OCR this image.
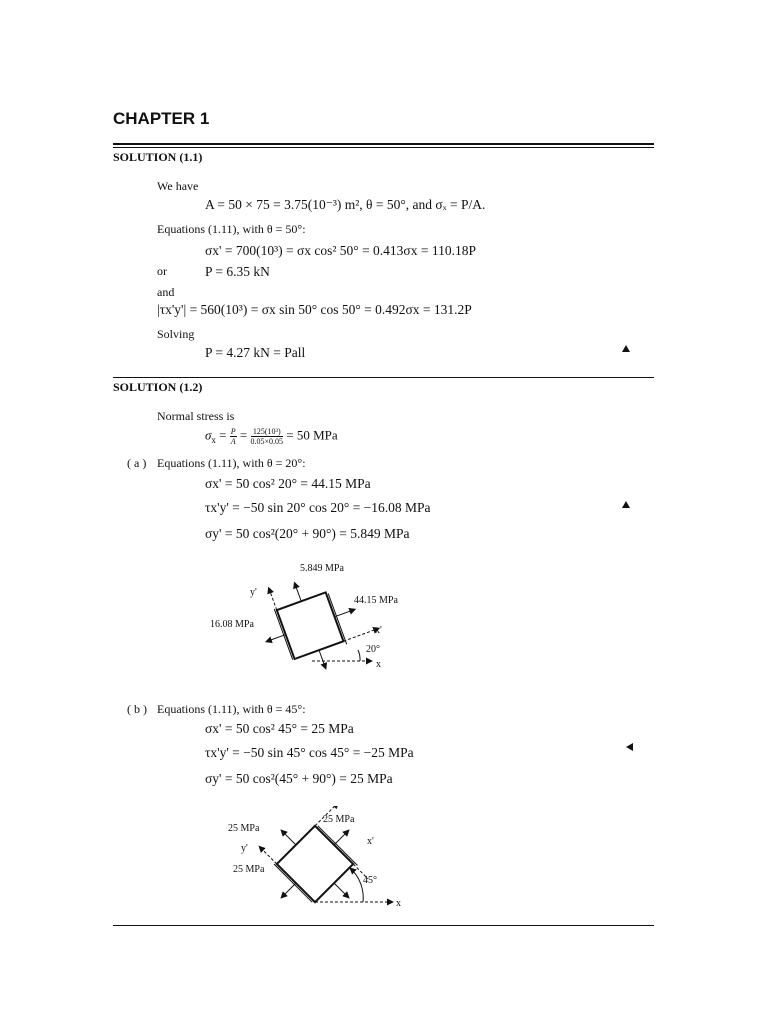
CHAPTER 1
SOLUTION (1.1)
We have
A = 50 × 75 = 3.75(10⁻³) m², θ = 50°, and σₓ = P/A.
Equations (1.11), with θ = 50°:
σx' = 700(10³) = σx cos² 50° = 0.413σx = 110.18P
or	P = 6.35 kN
and
|τx'y'| = 560(10³) = σx sin 50° cos 50° = 0.492σx = 131.2P
Solving
P = 4.27 kN = Pall
SOLUTION (1.2)
Normal stress is
$\sigma_x = \frac{P}{A} = \frac{\text{125(10³)}}{0.05\times 0.05} = 50$ MPa
( a ) Equations (1.11), with θ = 20°:
σx' = 50 cos² 20° = 44.15 MPa
τx'y' = −50 sin 20° cos 20° = −16.08 MPa
σy' = 50 cos²(20° + 90°) = 5.849 MPa
5.849 MPa
44.15 MPa
16.08 MPa
y'
x'
20°
x
( b ) Equations (1.11), with θ = 45°:
σx' = 50 cos² 45° = 25 MPa
τx'y' = −50 sin 45° cos 45° = −25 MPa
σy' = 50 cos²(45° + 90°) = 25 MPa
25 MPa
25 MPa
25 MPa
y'
x'
45°
x
